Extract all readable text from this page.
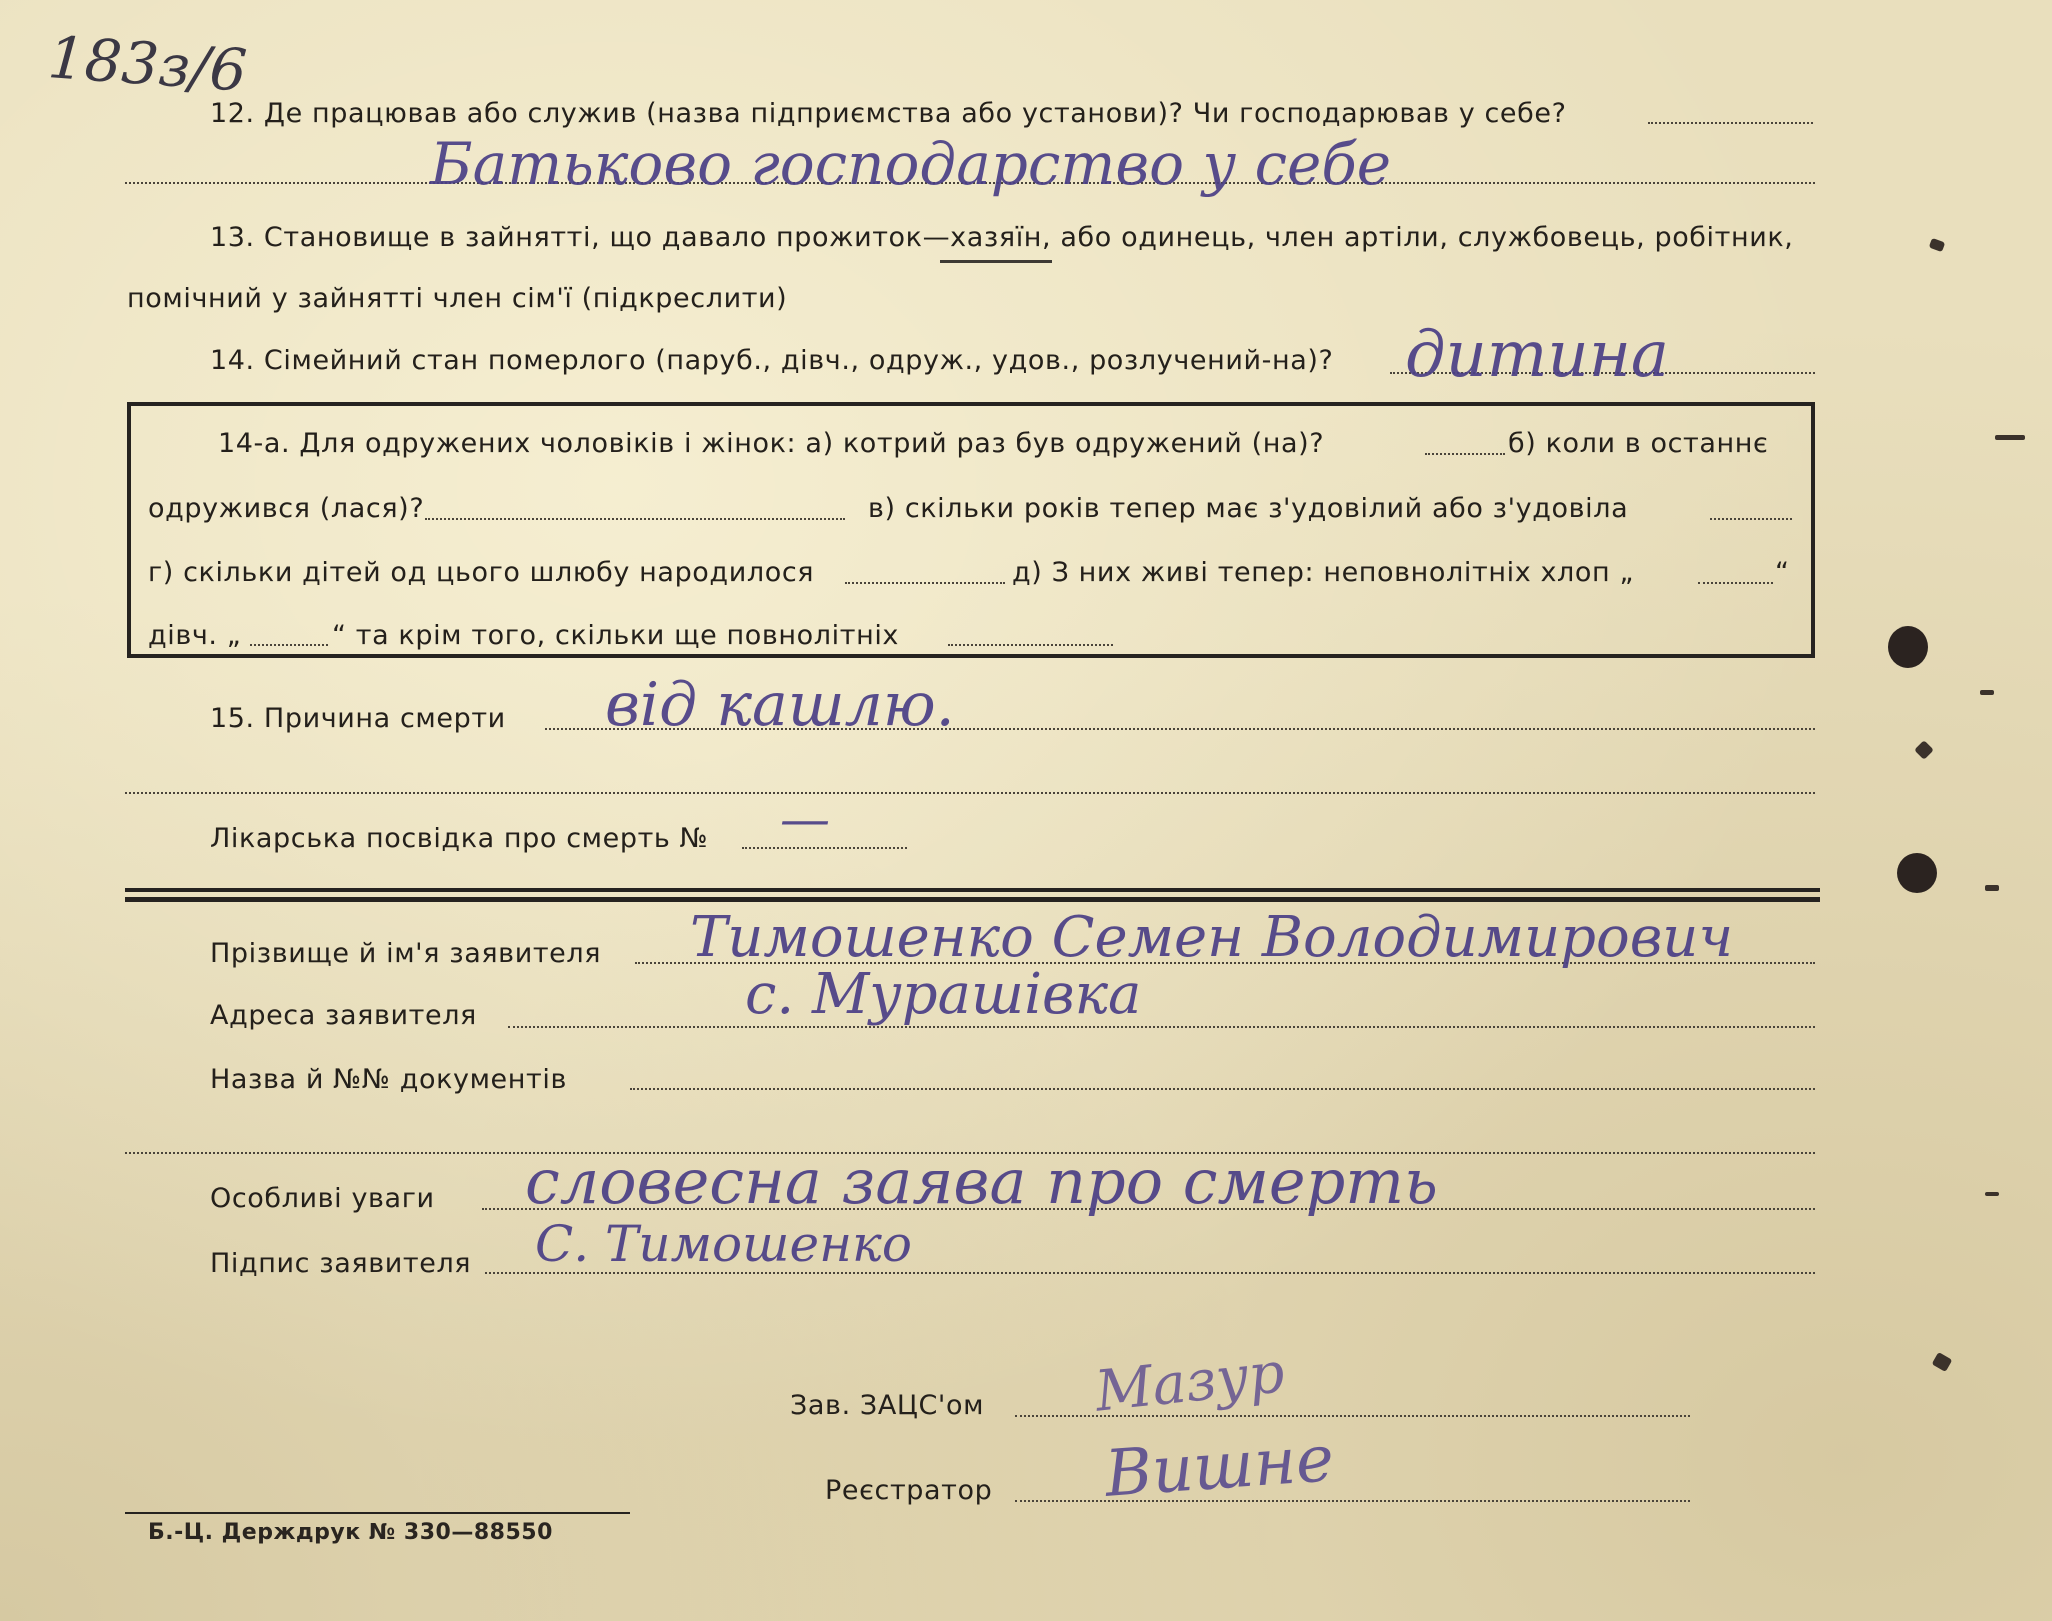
183з/6
12. Де працював або служив (назва підприємства або установи)? Чи господарював у себе?
Батьково господарство у себе
13. Становище в зайнятті, що давало прожиток—хазяїн, або одинець, член артіли, службовець, робітник,
помічний у зайнятті член сім'ї (підкреслити)
14. Сімейний стан померлого (паруб., дівч., одруж., удов., розлучений-на)? дитина
14-а. Для одружених чоловіків і жінок: а) котрий раз був одружений (на)?	б) коли в останнє
одружився (лася)?	в) скільки років тепер має з'удовілий або з'удовіла
г) скільки дітей од цього шлюбу народилося	д) З них живі тепер: неповнолітніх хлоп „	“
дівч. „	“ та крім того, скільки ще повнолітніх
15. Причина смерти від кашлю.
Лікарська посвідка про смерть № —
Прізвище й ім'я заявителя Тимошенко Семен Володимирович
Адреса заявителя	с. Мурашівка
Назва й №№ документів
Особливі уваги словесна заява про смерть
Підпис заявителя С. Тимошенко
Зав. ЗАЦС'ом Мазур
Реєстратор Вишне
Б.-Ц. Держдрук № 330—88550
